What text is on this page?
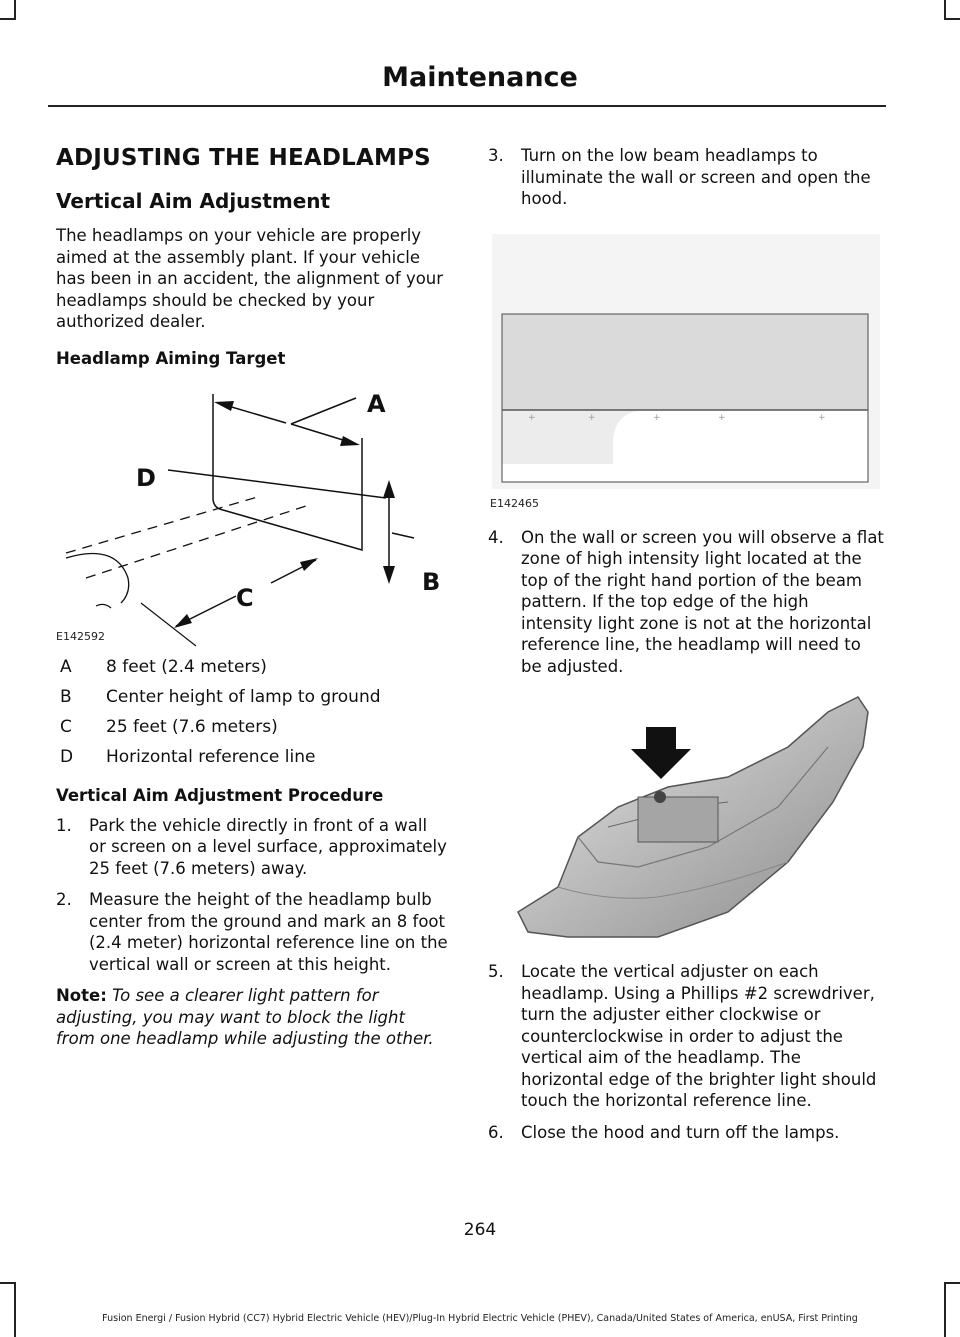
Maintenance
ADJUSTING THE HEADLAMPS
Vertical Aim Adjustment

The headlamps on your vehicle are properly aimed at the assembly plant. If your vehicle has been in an accident, the alignment of your headlamps should be checked by your authorized dealer.

Headlamp Aiming Target
A
B
C
D
E142592
A	8 feet (2.4 meters)
B	Center height of lamp to ground
C	25 feet (7.6 meters)
D	Horizontal reference line
Vertical Aim Adjustment Procedure
1.	Park the vehicle directly in front of a wall or screen on a level surface, approximately 25 feet (7.6 meters) away.
2.	Measure the height of the headlamp bulb center from the ground and mark an 8 foot (2.4 meter) horizontal reference line on the vertical wall or screen at this height.

Note: To see a clearer light pattern for adjusting, you may want to block the light from one headlamp while adjusting the other.

3.	Turn on the low beam headlamps to illuminate the wall or screen and open the hood.
+	+	+	+	+
E142465
4.	On the wall or screen you will observe a flat zone of high intensity light located at the top of the right hand portion of the beam pattern. If the top edge of the high intensity light zone is not at the horizontal reference line, the headlamp will need to be adjusted.
5.	Locate the vertical adjuster on each headlamp. Using a Phillips #2 screwdriver, turn the adjuster either clockwise or counterclockwise in order to adjust the vertical aim of the headlamp. The horizontal edge of the brighter light should touch the horizontal reference line.
6.	Close the hood and turn off the lamps.
264
Fusion Energi / Fusion Hybrid (CC7) Hybrid Electric Vehicle (HEV)/Plug-In Hybrid Electric Vehicle (PHEV), Canada/United States of America, enUSA, First Printing
